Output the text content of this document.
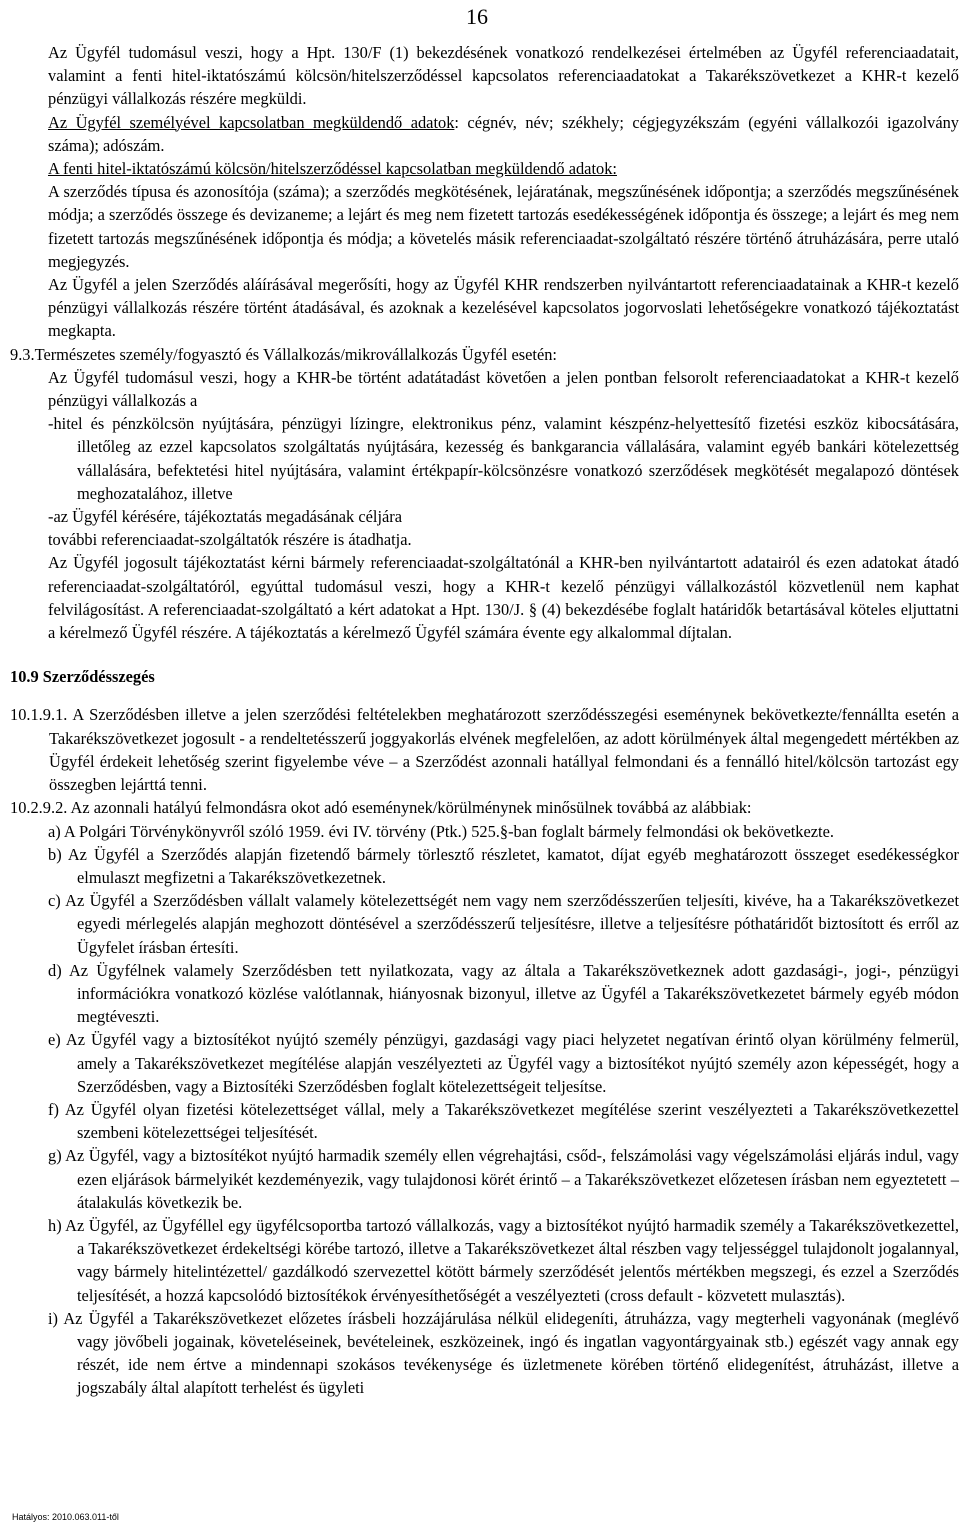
16

Az Ügyfél tudomásul veszi, hogy a Hpt. 130/F (1) bekezdésének vonatkozó rendelkezései értelmében az Ügyfél referenciaadatait, valamint a fenti hitel-iktatószámú kölcsön/hitelszerződéssel kapcsolatos referenciaadatokat a Takarékszövetkezet a KHR-t kezelő pénzügyi vállalkozás részére megküldi.

Az Ügyfél személyével kapcsolatban megküldendő adatok: cégnév, név; székhely; cégjegyzékszám (egyéni vállalkozói igazolvány száma); adószám.

A fenti hitel-iktatószámú kölcsön/hitelszerződéssel kapcsolatban megküldendő adatok:

A szerződés típusa és azonosítója (száma); a szerződés megkötésének, lejáratának, megszűnésének időpontja; a szerződés megszűnésének módja; a szerződés összege és devizaneme; a lejárt és meg nem fizetett tartozás esedékességének időpontja és összege; a lejárt és meg nem fizetett tartozás megszűnésének időpontja és módja; a követelés másik referenciaadat-szolgáltató részére történő átruházására, perre utaló megjegyzés.

Az Ügyfél a jelen Szerződés aláírásával megerősíti, hogy az Ügyfél KHR rendszerben nyilvántartott referenciaadatainak a KHR-t kezelő pénzügyi vállalkozás részére történt átadásával, és azoknak a kezelésével kapcsolatos jogorvoslati lehetőségekre vonatkozó tájékoztatást megkapta.

9.3.Természetes személy/fogyasztó és Vállalkozás/mikrovállalkozás Ügyfél esetén:

Az Ügyfél tudomásul veszi, hogy a KHR-be történt adatátadást követően a jelen pontban felsorolt referenciaadatokat a KHR-t kezelő pénzügyi vállalkozás a

-hitel és pénzkölcsön nyújtására, pénzügyi lízingre, elektronikus pénz, valamint készpénz-helyettesítő fizetési eszköz kibocsátására, illetőleg az ezzel kapcsolatos szolgáltatás nyújtására, kezesség és bankgarancia vállalására, valamint egyéb bankári kötelezettség vállalására, befektetési hitel nyújtására, valamint értékpapír-kölcsönzésre vonatkozó szerződések megkötését megalapozó döntések meghozatalához, illetve

-az Ügyfél kérésére, tájékoztatás megadásának céljára

további referenciaadat-szolgáltatók részére is átadhatja.

Az Ügyfél jogosult tájékoztatást kérni bármely referenciaadat-szolgáltatónál a KHR-ben nyilvántartott adatairól és ezen adatokat átadó referenciaadat-szolgáltatóról, egyúttal tudomásul veszi, hogy a KHR-t kezelő pénzügyi vállalkozástól közvetlenül nem kaphat felvilágosítást. A referenciaadat-szolgáltató a kért adatokat a Hpt. 130/J. § (4) bekezdésébe foglalt határidők betartásával köteles eljuttatni a kérelmező Ügyfél részére. A tájékoztatás a kérelmező Ügyfél számára évente egy alkalommal díjtalan.

10.9 Szerződésszegés

10.1.9.1. A Szerződésben illetve a jelen szerződési feltételekben meghatározott szerződésszegési eseménynek bekövetkezte/fennállta esetén a Takarékszövetkezet jogosult - a rendeltetésszerű joggyakorlás elvének megfelelően, az adott körülmények által megengedett mértékben az Ügyfél érdekeit lehetőség szerint figyelembe véve – a Szerződést azonnali hatállyal felmondani és a fennálló hitel/kölcsön tartozást egy összegben lejárttá tenni.

10.2.9.2. Az azonnali hatályú felmondásra okot adó eseménynek/körülménynek minősülnek továbbá az alábbiak:

a) A Polgári Törvénykönyvről szóló 1959. évi IV. törvény (Ptk.) 525.§-ban foglalt bármely felmondási ok bekövetkezte.

b) Az Ügyfél a Szerződés alapján fizetendő bármely törlesztő részletet, kamatot, díjat egyéb meghatározott összeget esedékességkor elmulaszt megfizetni a Takarékszövetkezetnek.

c) Az Ügyfél a Szerződésben vállalt valamely kötelezettségét nem vagy nem szerződésszerűen teljesíti, kivéve, ha a Takarékszövetkezet egyedi mérlegelés alapján meghozott döntésével a szerződésszerű teljesítésre, illetve a teljesítésre póthatáridőt biztosított és erről az Ügyfelet írásban értesíti.

d) Az Ügyfélnek valamely Szerződésben tett nyilatkozata, vagy az általa a Takarékszövetkeznek adott gazdasági-, jogi-, pénzügyi információkra vonatkozó közlése valótlannak, hiányosnak bizonyul, illetve az Ügyfél a Takarékszövetkezetet bármely egyéb módon megtéveszti.

e) Az Ügyfél vagy a biztosítékot nyújtó személy pénzügyi, gazdasági vagy piaci helyzetet negatívan érintő olyan körülmény felmerül, amely a Takarékszövetkezet megítélése alapján veszélyezteti az Ügyfél vagy a biztosítékot nyújtó személy azon képességét, hogy a Szerződésben, vagy a Biztosítéki Szerződésben foglalt kötelezettségeit teljesítse.

f) Az Ügyfél olyan fizetési kötelezettséget vállal, mely a Takarékszövetkezet megítélése szerint veszélyezteti a Takarékszövetkezettel szembeni kötelezettségei teljesítését.

g) Az Ügyfél, vagy a biztosítékot nyújtó harmadik személy ellen végrehajtási, csőd-, felszámolási vagy végelszámolási eljárás indul, vagy ezen eljárások bármelyikét kezdeményezik, vagy tulajdonosi körét érintő – a Takarékszövetkezet előzetesen írásban nem egyeztetett – átalakulás következik be.

h) Az Ügyfél, az Ügyféllel egy ügyfélcsoportba tartozó vállalkozás, vagy a biztosítékot nyújtó harmadik személy a Takarékszövetkezettel, a Takarékszövetkezet érdekeltségi körébe tartozó, illetve a Takarékszövetkezet által részben vagy teljességgel tulajdonolt jogalannyal, vagy bármely hitelintézettel/ gazdálkodó szervezettel kötött bármely szerződését jelentős mértékben megszegi, és ezzel a Szerződés teljesítését, a hozzá kapcsolódó biztosítékok érvényesíthetőségét a veszélyezteti (cross default - közvetett mulasztás).

i) Az Ügyfél a Takarékszövetkezet előzetes írásbeli hozzájárulása nélkül elidegeníti, átruházza, vagy megterheli vagyonának (meglévő vagy jövőbeli jogainak, követeléseinek, bevételeinek, eszközeinek, ingó és ingatlan vagyontárgyainak stb.) egészét vagy annak egy részét, ide nem értve a mindennapi szokásos tevékenysége és üzletmenete körében történő elidegenítést, átruházást, illetve a jogszabály által alapított terhelést és ügyleti

Hatályos: 2010.063.011-től
